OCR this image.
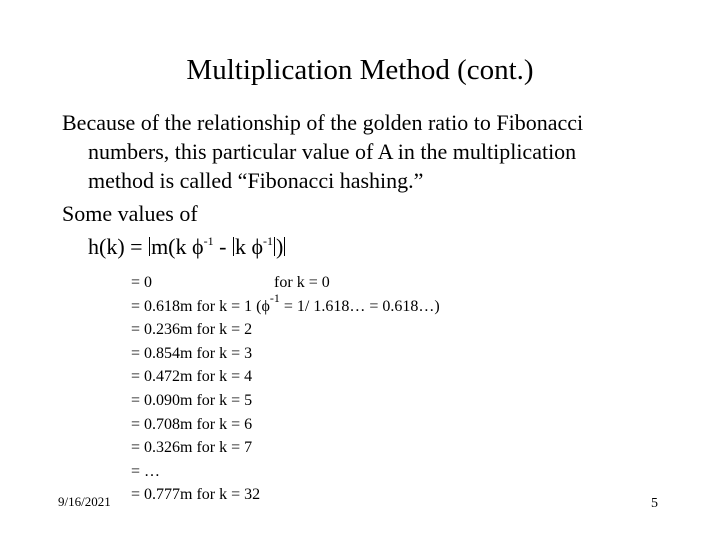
Multiplication Method (cont.)
Because of the relationship of the golden ratio to Fibonacci
numbers, this particular value of A in the multiplication
method is called “Fibonacci hashing.”
Some values of
h(k) = m(k $\phi^{-1}$ - k $\phi^{-1}$ )
= 0	for k = 0
= 0.618m for k = 1 ($\phi^{-1} = 1/$ 1.618… = 0.618…)
= 0.236m for k = 2
= 0.854m for k = 3
= 0.472m for k = 4
= 0.090m for k = 5
= 0.708m for k = 6
= 0.326m for k = 7
= …
= 0.777m for k = 32
9/16/2021	5
